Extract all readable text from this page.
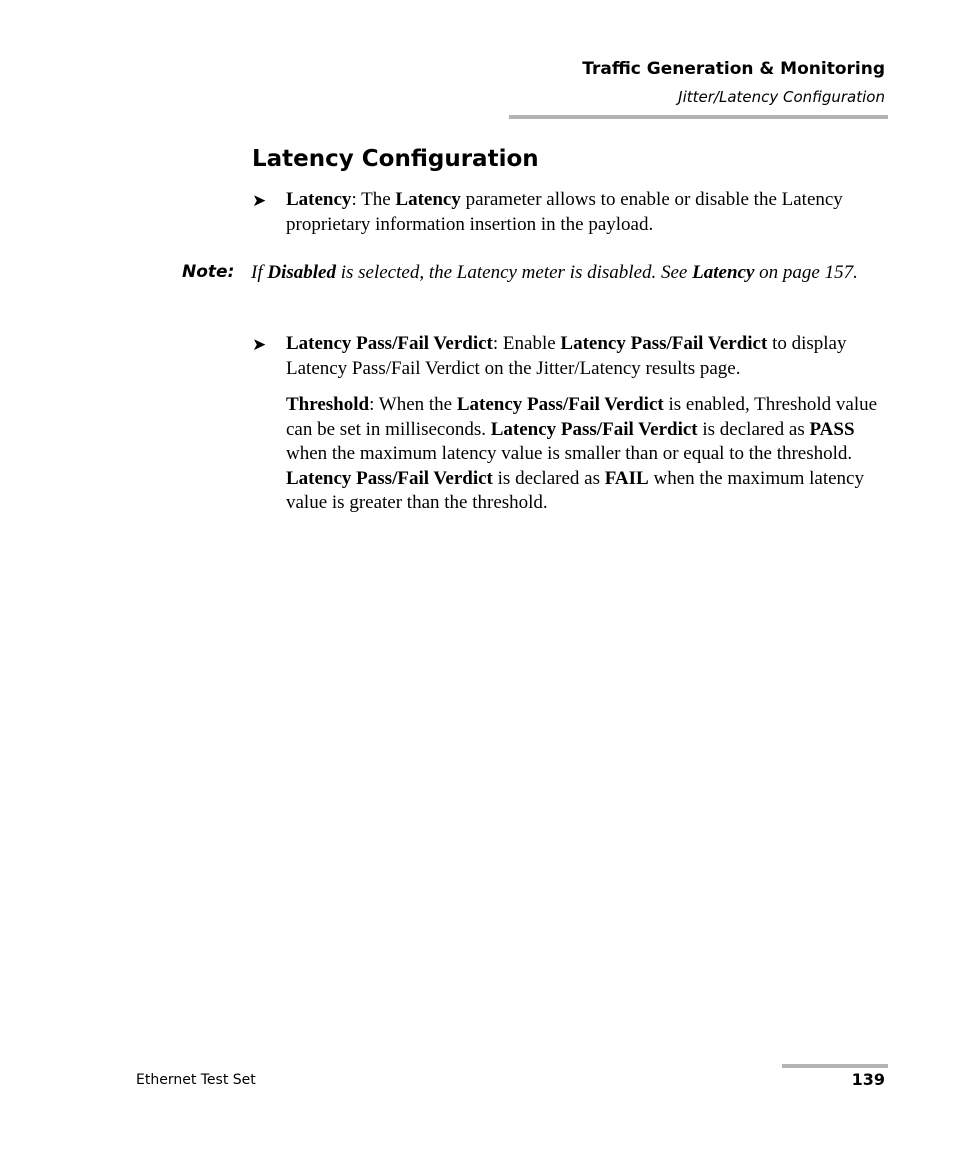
Traffic Generation & Monitoring
Jitter/Latency Configuration
Latency Configuration
➤ Latency: The Latency parameter allows to enable or disable the Latency proprietary information insertion in the payload.

Note: If Disabled is selected, the Latency meter is disabled. See Latency on page 157.

➤ Latency Pass/Fail Verdict: Enable Latency Pass/Fail Verdict to display Latency Pass/Fail Verdict on the Jitter/Latency results page.

Threshold: When the Latency Pass/Fail Verdict is enabled, Threshold value can be set in milliseconds. Latency Pass/Fail Verdict is declared as PASS when the maximum latency value is smaller than or equal to the threshold. Latency Pass/Fail Verdict is declared as FAIL when the maximum latency value is greater than the threshold.

Ethernet Test Set	139
